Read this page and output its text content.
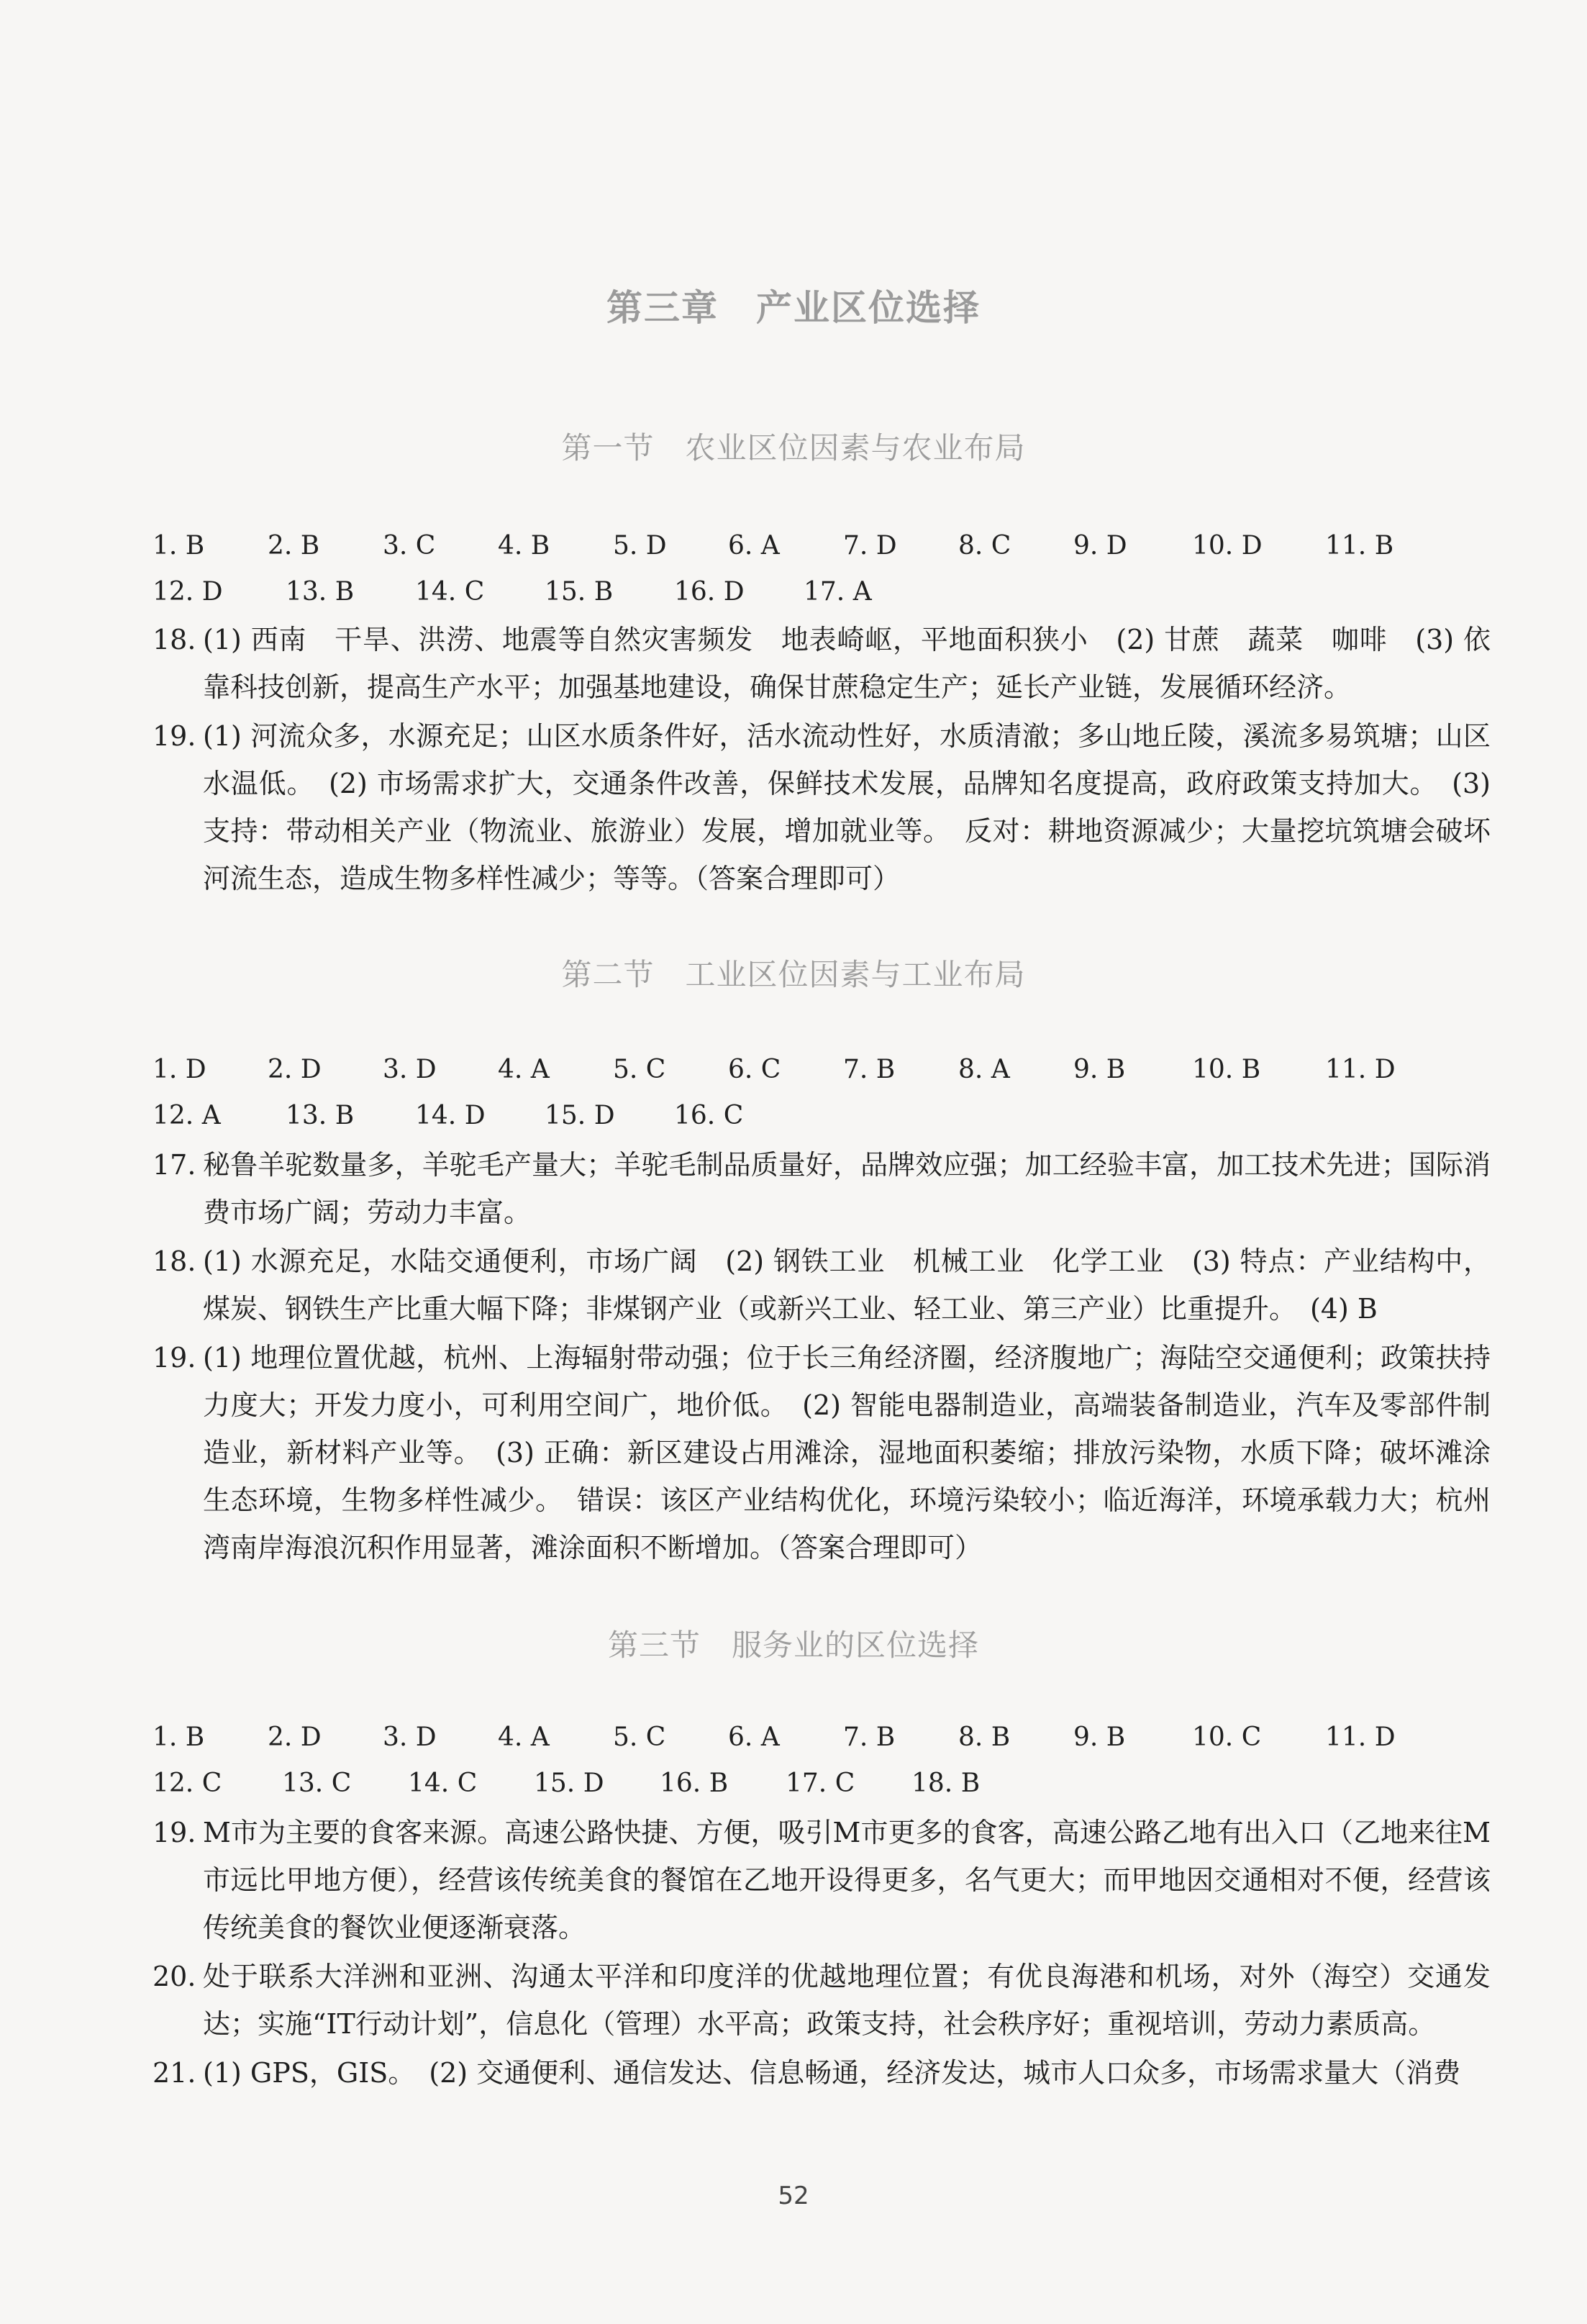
第三章　产业区位选择
第一节　农业区位因素与农业布局
1. B 2. B 3. C 4. B 5. D 6. A 7. D 8. C 9. D	10. D 11. B
12. D 13. B 14. C 15. B 16. D 17. A
18. (1) 西南　干旱、洪涝、地震等自然灾害频发　地表崎岖，平地面积狭小　(2) 甘蔗　蔬菜　咖啡　(3) 依靠科技创新，提高生产水平；加强基地建设，确保甘蔗稳定生产；延长产业链，发展循环经济。
19. (1) 河流众多，水源充足；山区水质条件好，活水流动性好，水质清澈；多山地丘陵，溪流多易筑塘；山区水温低。　(2) 市场需求扩大，交通条件改善，保鲜技术发展，品牌知名度提高，政府政策支持加大。　(3) 支持：带动相关产业（物流业、旅游业）发展，增加就业等。　反对：耕地资源减少；大量挖坑筑塘会破坏河流生态，造成生物多样性减少；等等。（答案合理即可）
第二节　工业区位因素与工业布局
1. D 2. D 3. D 4. A 5. C 6. C 7. B 8. A 9. B	10. B 11. D
12. A	13. B 14. D 15. D 16. C
17. 秘鲁羊驼数量多，羊驼毛产量大；羊驼毛制品质量好，品牌效应强；加工经验丰富，加工技术先进；国际消费市场广阔；劳动力丰富。
18. (1) 水源充足，水陆交通便利，市场广阔　(2) 钢铁工业　机械工业　化学工业　(3) 特点：产业结构中，煤炭、钢铁生产比重大幅下降；非煤钢产业（或新兴工业、轻工业、第三产业）比重提升。　(4) B
19. (1) 地理位置优越，杭州、上海辐射带动强；位于长三角经济圈，经济腹地广；海陆空交通便利；政策扶持力度大；开发力度小，可利用空间广，地价低。　(2) 智能电器制造业，高端装备制造业，汽车及零部件制造业，新材料产业等。　(3) 正确：新区建设占用滩涂，湿地面积萎缩；排放污染物，水质下降；破坏滩涂生态环境，生物多样性减少。　错误：该区产业结构优化，环境污染较小；临近海洋，环境承载力大；杭州湾南岸海浪沉积作用显著，滩涂面积不断增加。（答案合理即可）
第三节　服务业的区位选择
1. B 2. D 3. D 4. A 5. C 6. A 7. B 8. B 9. B	10. C 11. D
12. C 13. C 14. C 15. D 16. B 17. C 18. B
19. M市为主要的食客来源。高速公路快捷、方便，吸引M市更多的食客，高速公路乙地有出入口（乙地来往M市远比甲地方便），经营该传统美食的餐馆在乙地开设得更多，名气更大；而甲地因交通相对不便，经营该传统美食的餐饮业便逐渐衰落。
20. 处于联系大洋洲和亚洲、沟通太平洋和印度洋的优越地理位置；有优良海港和机场，对外（海空）交通发达；实施“IT行动计划”，信息化（管理）水平高；政策支持，社会秩序好；重视培训，劳动力素质高。
21. (1) GPS，GIS。　(2) 交通便利、通信发达、信息畅通，经济发达，城市人口众多，市场需求量大（消费
52
